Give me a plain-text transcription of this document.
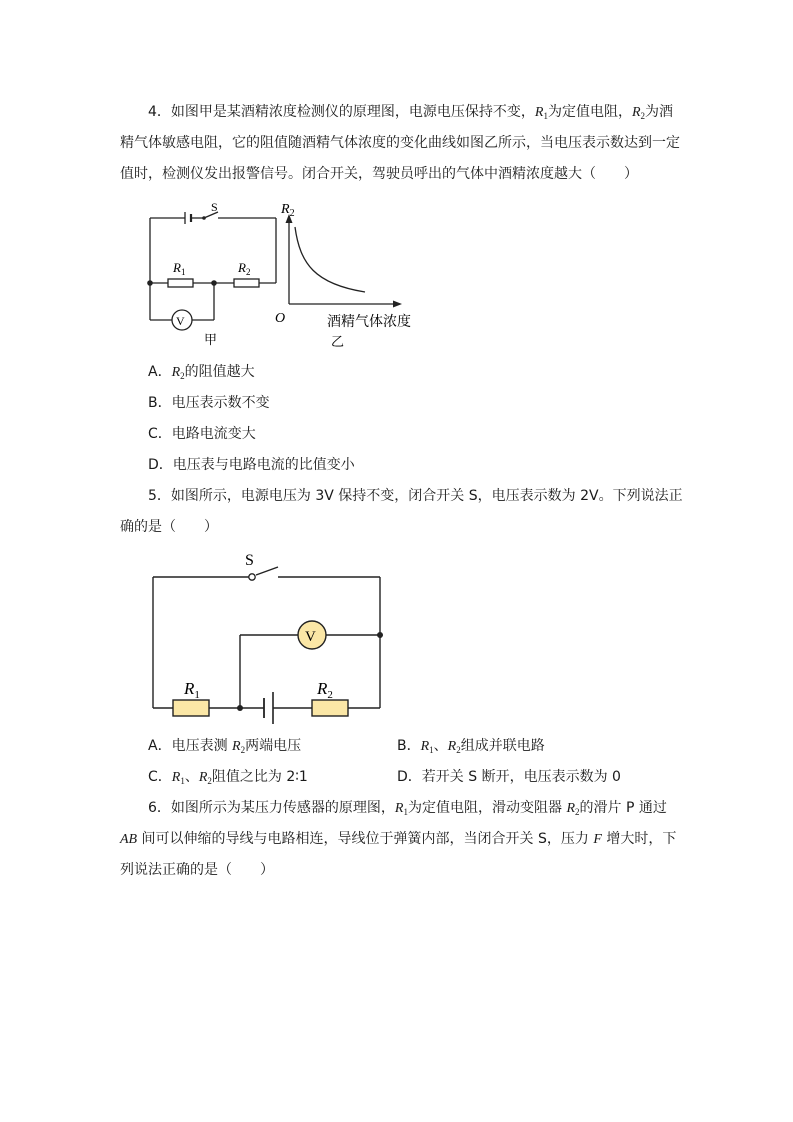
4．如图甲是某酒精浓度检测仪的原理图，电源电压保持不变，$R_1$为定值电阻，$R_2$为酒
精气体敏感电阻，它的阻值随酒精气体浓度的变化曲线如图乙所示，当电压表示数达到一定
值时，检测仪发出报警信号。闭合开关，驾驶员呼出的气体中酒精浓度越大（　　）
S
$R_1$	$R_2$
V
甲
$R_2$
O	酒精气体浓度
乙
A．$R_2$的阻值越大
B．电压表示数不变
C．电路电流变大
D．电压表与电路电流的比值变小
5．如图所示，电源电压为 3V 保持不变，闭合开关 S，电压表示数为 2V。下列说法正
确的是（　　）
S
V
$R_1$	$R_2$
A．电压表测 $R_2$两端电压	B．$R_1$、$R_2$组成并联电路
C．$R_1$、$R_2$阻值之比为 2∶1	D．若开关 S 断开，电压表示数为 0
6．如图所示为某压力传感器的原理图，$R_1$为定值电阻，滑动变阻器 $R_2$的滑片 P 通过
AB 间可以伸缩的导线与电路相连，导线位于弹簧内部，当闭合开关 S，压力 F 增大时，下
列说法正确的是（　　）
